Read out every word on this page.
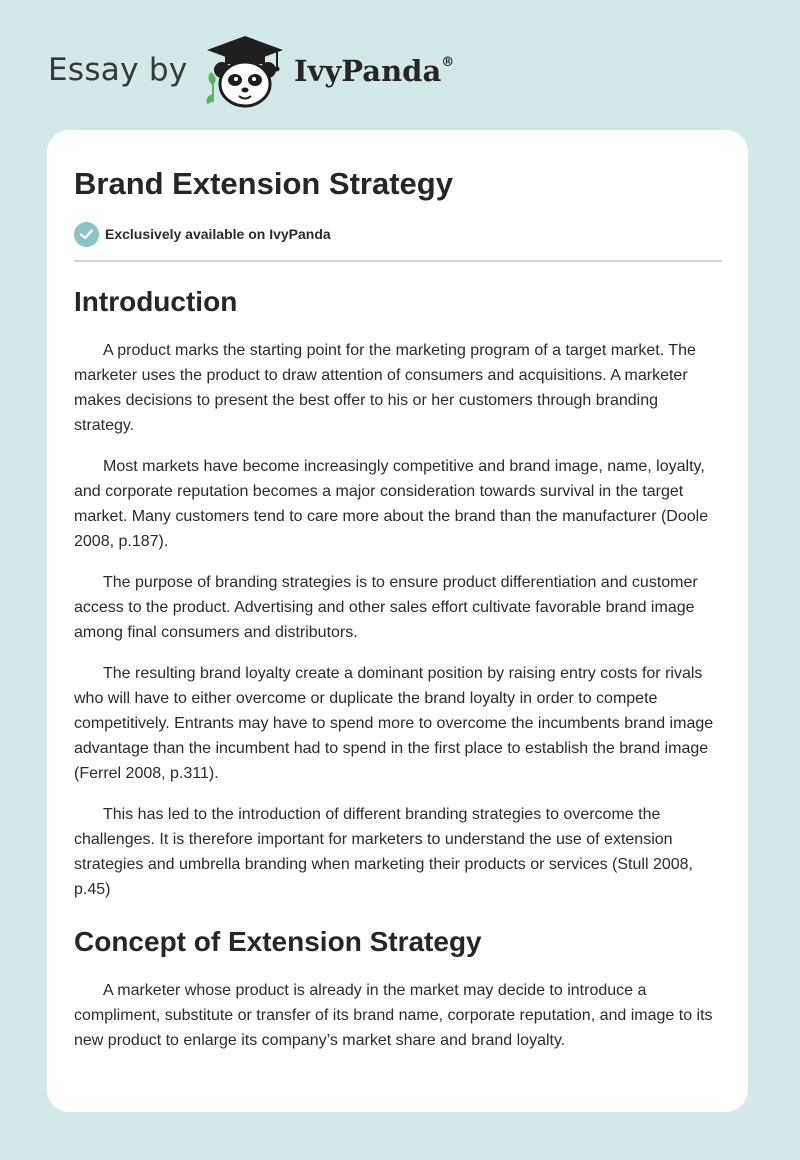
Essay by	IvyPanda®
Brand Extension Strategy
Exclusively available on IvyPanda
Introduction

A product marks the starting point for the marketing program of a target market. The marketer uses the product to draw attention of consumers and acquisitions. A marketer makes decisions to present the best offer to his or her customers through branding strategy.

Most markets have become increasingly competitive and brand image, name, loyalty, and corporate reputation becomes a major consideration towards survival in the target market. Many customers tend to care more about the brand than the manufacturer (Doole 2008, p.187).

The purpose of branding strategies is to ensure product differentiation and customer access to the product. Advertising and other sales effort cultivate favorable brand image among final consumers and distributors.

The resulting brand loyalty create a dominant position by raising entry costs for rivals who will have to either overcome or duplicate the brand loyalty in order to compete competitively. Entrants may have to spend more to overcome the incumbents brand image advantage than the incumbent had to spend in the first place to establish the brand image (Ferrel 2008, p.311).

This has led to the introduction of different branding strategies to overcome the challenges. It is therefore important for marketers to understand the use of extension strategies and umbrella branding when marketing their products or services (Stull 2008, p.45)

Concept of Extension Strategy

A marketer whose product is already in the market may decide to introduce a compliment, substitute or transfer of its brand name, corporate reputation, and image to its new product to enlarge its company’s market share and brand loyalty.
